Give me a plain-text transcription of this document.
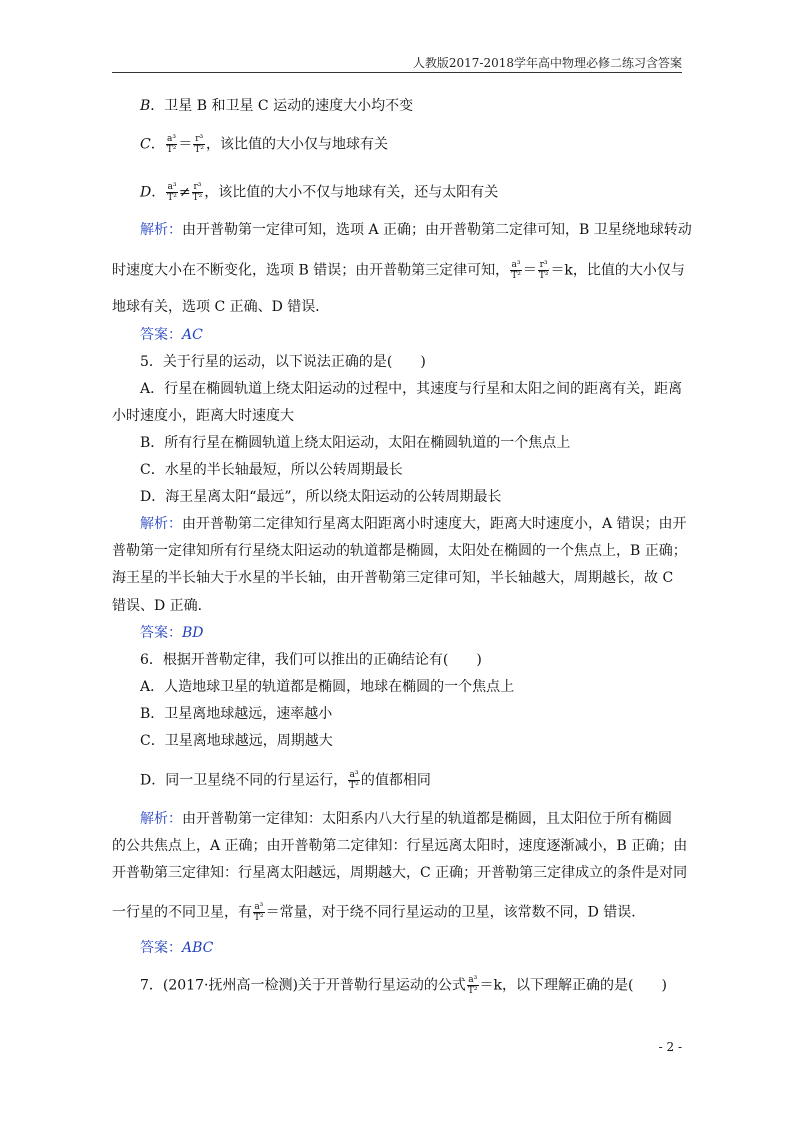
人教版2017-2018学年高中物理必修二练习含答案
B．卫星 B 和卫星 C 运动的速度大小均不变
C． $\frac{\text{a³}}{\text{T²}} = \frac{\text{r³}}{\text{T²}}$ ，该比值的大小仅与地球有关
D． $\frac{\text{a³}}{\text{T²}} \ne \frac{\text{r³}}{\text{T²}}$ ，该比值的大小不仅与地球有关，还与太阳有关
解析：由开普勒第一定律可知，选项 A 正确；由开普勒第二定律可知，B 卫星绕地球转动
时速度大小在不断变化，选项 B 错误；由开普勒第三定律可知， $\frac{\text{a³}}{\text{T²}} = \frac{\text{r³}}{\text{T²}} =k$，比值的大小仅与
地球有关，选项 C 正确、D 错误．
答案：AC
5．关于行星的运动，以下说法正确的是(　　)
A．行星在椭圆轨道上绕太阳运动的过程中，其速度与行星和太阳之间的距离有关，距离
小时速度小，距离大时速度大
B．所有行星在椭圆轨道上绕太阳运动，太阳在椭圆轨道的一个焦点上
C．水星的半长轴最短，所以公转周期最长
D．海王星离太阳“最远”，所以绕太阳运动的公转周期最长
解析：由开普勒第二定律知行星离太阳距离小时速度大，距离大时速度小，A 错误；由开
普勒第一定律知所有行星绕太阳运动的轨道都是椭圆，太阳处在椭圆的一个焦点上，B 正确；
海王星的半长轴大于水星的半长轴，由开普勒第三定律可知，半长轴越大，周期越长，故 C
错误、D 正确．
答案：BD
6．根据开普勒定律，我们可以推出的正确结论有(　　)
A．人造地球卫星的轨道都是椭圆，地球在椭圆的一个焦点上
B．卫星离地球越远，速率越小
C．卫星离地球越远，周期越大
D．同一卫星绕不同的行星运行， $\frac{\text{a³}}{\text{T²}}$ 的值都相同
解析：由开普勒第一定律知：太阳系内八大行星的轨道都是椭圆，且太阳位于所有椭圆
的公共焦点上，A 正确；由开普勒第二定律知：行星远离太阳时，速度逐渐减小，B 正确；由
开普勒第三定律知：行星离太阳越远，周期越大，C 正确；开普勒第三定律成立的条件是对同
一行星的不同卫星，有 $\frac{\text{a³}}{\text{T²}}$ ＝常量，对于绕不同行星运动的卫星，该常数不同，D 错误．
答案：ABC
7．(2017·抚州高一检测)关于开普勒行星运动的公式 $\frac{\text{a³}}{\text{T²}} =k$，以下理解正确的是(　　)
- 2 -
